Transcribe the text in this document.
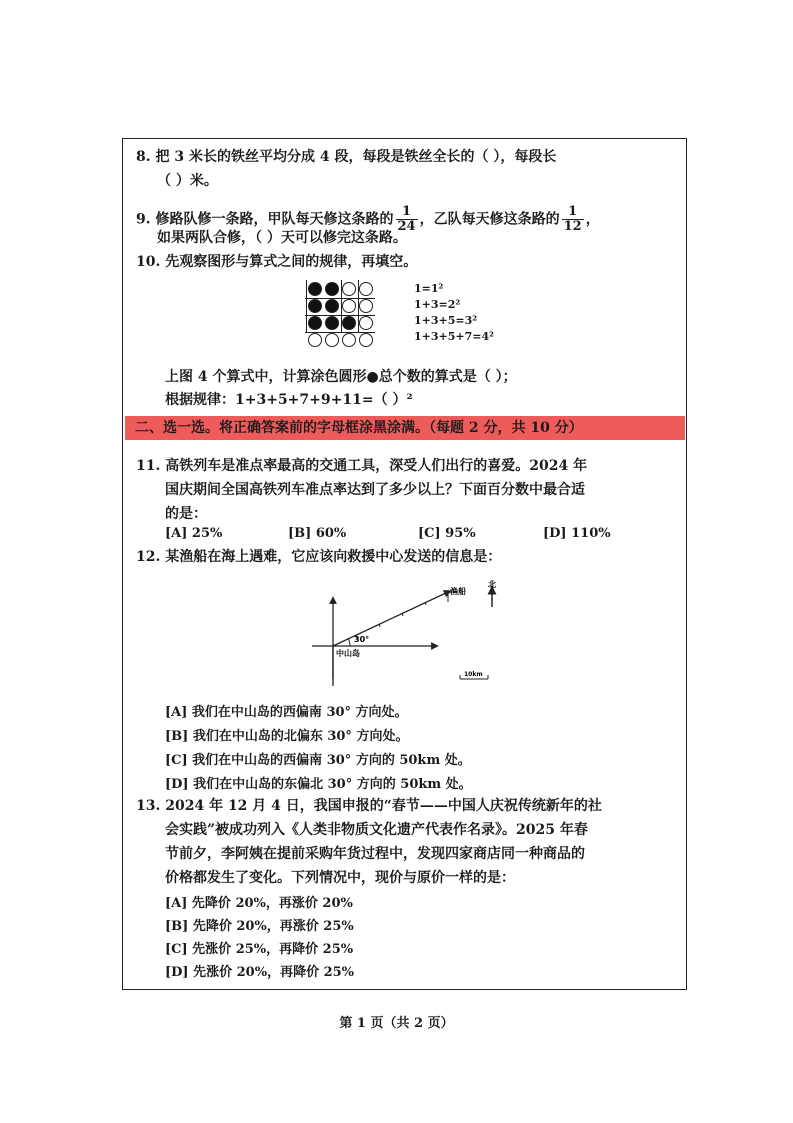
8. 把 3 米长的铁丝平均分成 4 段，每段是铁丝全长的（ ），每段长
（ ）米。
9. 修路队修一条路，甲队每天修这条路的 $\frac{1}{24}$ ，乙队每天修这条路的 $\frac{1}{12}$ ，
如果两队合修，（ ）天可以修完这条路。
10. 先观察图形与算式之间的规律，再填空。
1=1²
1+3=2²
1+3+5=3²
1+3+5+7=4²
上图 4 个算式中，计算涂色圆形●总个数的算式是（ ）；
根据规律：1+3+5+7+9+11=（ ）²
二、选一选。将正确答案前的字母框涂黑涂满。（每题 2 分，共 10 分）
11. 高铁列车是准点率最高的交通工具，深受人们出行的喜爱。2024 年
国庆期间全国高铁列车准点率达到了多少以上？下面百分数中最合适
的是：
[A] 25%	[B] 60%	[C] 95%	[D] 110%
12. 某渔船在海上遇难，它应该向救援中心发送的信息是：
30°
中山岛
渔船
北
10km
[A] 我们在中山岛的西偏南 30° 方向处。
[B] 我们在中山岛的北偏东 30° 方向处。
[C] 我们在中山岛的西偏南 30° 方向的 50km 处。
[D] 我们在中山岛的东偏北 30° 方向的 50km 处。
13. 2024 年 12 月 4 日，我国申报的“春节——中国人庆祝传统新年的社
会实践”被成功列入《人类非物质文化遗产代表作名录》。2025 年春
节前夕，李阿姨在提前采购年货过程中，发现四家商店同一种商品的
价格都发生了变化。下列情况中，现价与原价一样的是：
[A] 先降价 20%，再涨价 20%
[B] 先降价 20%，再涨价 25%
[C] 先涨价 25%，再降价 25%
[D] 先涨价 20%，再降价 25%
第 1 页（共 2 页）
